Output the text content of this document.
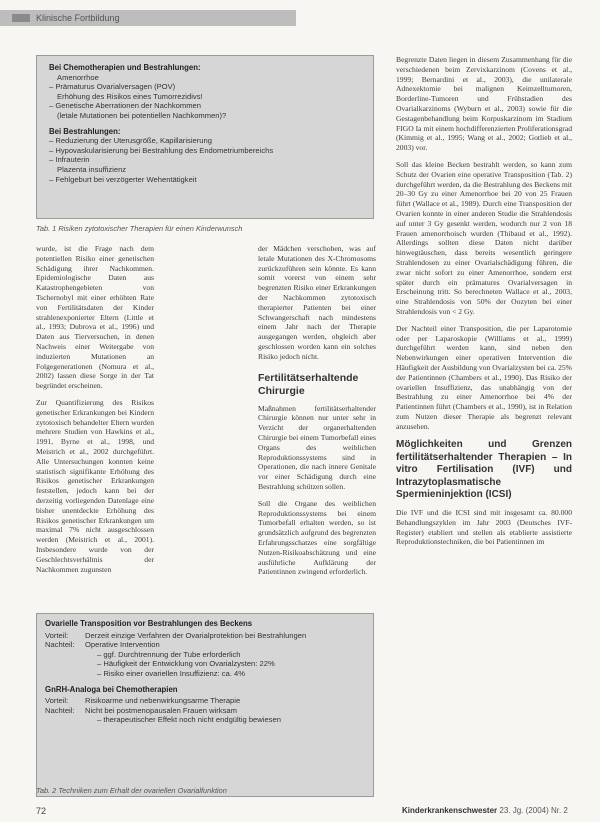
Klinische Fortbildung
Bei Chemotherapien und Bestrahlungen:
Amenorrhoe
– Prämaturus Ovarialversagen (POV)
Erhöhung des Risikos eines Tumorrezidivs!
– Genetische Aberrationen der Nachkommen
(letale Mutationen bei potentiellen Nachkommen)?
Bei Bestrahlungen:
– Reduzierung der Uterusgröße, Kapillarisierung
– Hypovaskularisierung bei Bestrahlung des Endometriumbereichs
– Infrauterin
Plazenta insuffizienz
– Fehlgeburt bei verzögerter Wehentätigkeit
Tab. 1 Risiken zytotoxischer Therapien für einen Kinderwunsch

wurde, ist die Frage nach dem potentiellen Risiko einer genetischen Schädigung ihrer Nachkommen. Epidemiologische Daten aus Katastrophengebieten von Tschernobyl mit einer erhöhten Rate von Fertilitätsdaten der Kinder strahlenexponierter Eltern (Little et al., 1993; Dubrova et al., 1996) und Daten aus Tierversuchen, in denen Nachweis einer Weitergabe von induzierten Mutationen an Folgegenerationen (Nomura et al., 2002) lassen diese Sorge in der Tat begründet erscheinen.

Zur Quantifizierung des Risikos genetischer Erkrankungen bei Kindern zytotoxisch behandelter Eltern wurden mehrere Studien von Hawkins et al., 1991, Byrne et al., 1998, und Meistrich et al., 2002 durchgeführt. Alle Untersuchungen konnten keine statistisch signifikante Erhöhung des Risikos genetischer Erkrankungen feststellen, jedoch kann bei der derzeitig vorliegenden Datenlage eine bisher unentdeckte Erhöhung des Risikos genetischer Erkrankungen um maximal 7% nicht ausgeschlossen werden (Meistrich et al., 2001). Insbesondere wurde von der Geschlechtsverhältnis der Nachkommen zugunsten

der Mädchen verschoben, was auf letale Mutationen des X-Chromosoms zurückzuführen sein könnte. Es kann somit vorerst von einem sehr begrenzten Risiko einer Erkrankungen der Nachkommen zytotoxisch therapierter Patienten bei einer Schwangerschaft nach mindestens einem Jahr nach der Therapie ausgegangen werden, obgleich aber geschlossen worden kann ein solches Risiko jedoch nicht.

Fertilitätserhaltende Chirurgie

Maßnahmen fertilitätserhaltender Chirurgie können nur unter sehr in Verzicht der organerhaltenden Chirurgie bei einem Tumorbefall eines Organs des weiblichen Reproduktionssystems sind in Operationen, die nach innere Genitale vor einer Schädigung durch eine Bestrahlung schützen sollen.

Soll die Organe des weiblichen Reproduktionssystems bei einem Tumorbefall erhalten werden, so ist grundsätzlich aufgrund des begrenzten Erfahrungsschatzes eine sorgfältige Nutzen-Risikoabschätzung und eine ausführliche Aufklärung der Patientinnen zwingend erforderlich.

Begrenzte Daten liegen in diesem Zusammenhang für die verschiedenen beim Zervixkarzinom (Covens et al., 1999; Bernardini et al., 2003), die unilaterale Adnexektomie bei malignen Keimzelltumoren, Borderline-Tumoren und Frühstadien des Ovarialkarzinoms (Wyburn et al., 2003) sowie für die Gestagenbehandlung beim Korpuskarzinom im Stadium FIGO Ia mit einem hochdifferenzierten Proliferationsgrad (Kimmig et al., 1995; Wang et al., 2002; Gotlieb et al., 2003) vor.

Soll das kleine Becken bestrahlt werden, so kann zum Schutz der Ovarien eine operative Transposition (Tab. 2) durchgeführt werden, da die Bestrahlung des Beckens mit 20–30 Gy zu einer Amenorrhoe bei 20 von 25 Frauen führt (Wallace et al., 1989). Durch eine Transposition der Ovarien konnte in einer anderen Studie die Strahlendosis auf unter 3 Gy gesenkt werden, wodurch nur 2 von 18 Frauen amenorrhoisch wurden (Thibaud et al., 1992). Allerdings sollten diese Daten nicht darüber hinwegtäuschen, dass bereits wesentlich geringere Strahlendosen zu einer Ovarialschädigung führen, die zwar nicht sofort zu einer Amenorrhoe, sondern erst später durch ein prämatures Ovarialversagen in Erscheinung tritt. So berechneten Wallace et al., 2003, eine Strahlendosis von 50% der Oozyten bei einer Strahlendosis von < 2 Gy.

Der Nachteil einer Transposition, die per Laparotomie oder per Laparoskopie (Williams et al., 1999) durchgeführt werden kann, sind neben den Nebenwirkungen einer operativen Intervention die Häufigkeit der Ausbildung von Ovarialzysten bei ca. 25% der Patientinnen (Chambers et al., 1990). Das Risiko der ovariellen Insuffizienz, das unabhängig von der Bestrahlung zu einer Amenorrhoe bei 4% der Patientinnen führt (Chambers et al., 1990), ist in Relation zum Nutzen dieser Therapie als begrenzt relevant anzusehen.

Möglichkeiten und Grenzen fertilitätserhaltender Therapien – In vitro Fertilisation (IVF) und Intrazytoplasmatische Spermieninjektion (ICSI)

Die IVF und die ICSI sind mit insgesamt ca. 80.000 Behandlungszyklen im Jahr 2003 (Deutsches IVF-Register) etabliert und stellen als etablierte assistierte Reproduktionstechniken, die bei Patientinnen im

Ovarielle Transposition vor Bestrahlungen des Beckens
Vorteil:	Derzeit einzige Verfahren der Ovarialprotektion bei Bestrahlungen
Nachteil:	Operative Intervention
– ggf. Durchtrennung der Tube erforderlich
– Häufigkeit der Entwicklung von Ovarialzysten: 22%
– Risiko einer ovariellen Insuffizienz: ca. 4%
GnRH-Analoga bei Chemotherapien
Vorteil:	Risikoarme und nebenwirkungsarme Therapie
Nachteil:	Nicht bei postmenopausalen Frauen wirksam
– therapeutischer Effekt noch nicht endgültig bewiesen
Tab. 2 Techniken zum Erhalt der ovariellen Ovarialfunktion
72	Kinderkrankenschwester 23. Jg. (2004) Nr. 2
